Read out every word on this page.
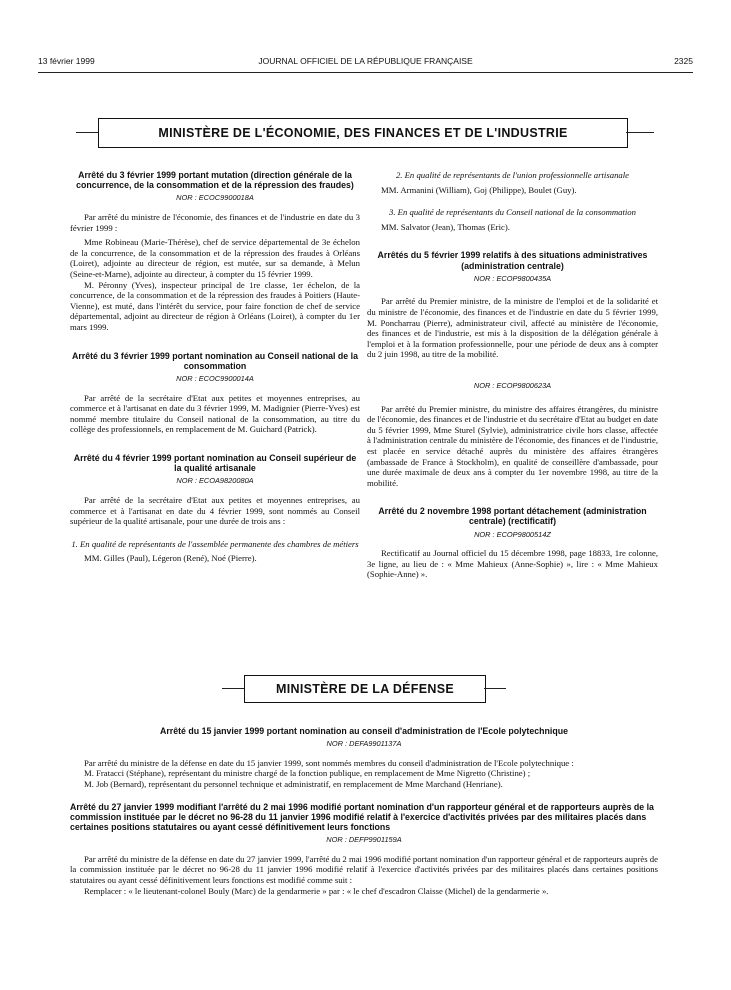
13 février 1999	JOURNAL OFFICIEL DE LA RÉPUBLIQUE FRANÇAISE	2325
MINISTÈRE DE L'ÉCONOMIE, DES FINANCES ET DE L'INDUSTRIE
Arrêté du 3 février 1999 portant mutation (direction générale de la concurrence, de la consommation et de la répression des fraudes)
NOR : ECOC9900018A

Par arrêté du ministre de l'économie, des finances et de l'industrie en date du 3 février 1999 :

Mme Robineau (Marie-Thérèse), chef de service départemental de 3e échelon de la concurrence, de la consommation et de la répression des fraudes à Orléans (Loiret), adjointe au directeur de région, est mutée, sur sa demande, à Melun (Seine-et-Marne), adjointe au directeur, à compter du 15 février 1999.

M. Péronny (Yves), inspecteur principal de 1re classe, 1er échelon, de la concurrence, de la consommation et de la répression des fraudes à Poitiers (Haute-Vienne), est muté, dans l'intérêt du service, pour faire fonction de chef de service départemental, adjoint au directeur de région à Orléans (Loiret), à compter du 1er mars 1999.

Arrêté du 3 février 1999 portant nomination au Conseil national de la consommation
NOR : ECOC9900014A

Par arrêté de la secrétaire d'Etat aux petites et moyennes entreprises, au commerce et à l'artisanat en date du 3 février 1999, M. Madignier (Pierre-Yves) est nommé membre titulaire du Conseil national de la consommation, au titre du collège des professionnels, en remplacement de M. Guichard (Patrick).

Arrêté du 4 février 1999 portant nomination au Conseil supérieur de la qualité artisanale
NOR : ECOA9820080A

Par arrêté de la secrétaire d'Etat aux petites et moyennes entreprises, au commerce et à l'artisanat en date du 4 février 1999, sont nommés au Conseil supérieur de la qualité artisanale, pour une durée de trois ans :

1. En qualité de représentants de l'assemblée permanente des chambres de métiers

MM. Gilles (Paul), Légeron (René), Noé (Pierre).

2. En qualité de représentants de l'union professionnelle artisanale

MM. Armanini (William), Goj (Philippe), Boulet (Guy).

3. En qualité de représentants du Conseil national de la consommation

MM. Salvator (Jean), Thomas (Eric).

Arrêtés du 5 février 1999 relatifs à des situations administratives (administration centrale)
NOR : ECOP9800435A

Par arrêté du Premier ministre, de la ministre de l'emploi et de la solidarité et du ministre de l'économie, des finances et de l'industrie en date du 5 février 1999, M. Poncharrau (Pierre), administrateur civil, affecté au ministère de l'économie, des finances et de l'industrie, est mis à la disposition de la délégation générale à l'emploi et à la formation professionnelle, pour une période de deux ans à compter du 2 juin 1998, au titre de la mobilité.

NOR : ECOP9800623A

Par arrêté du Premier ministre, du ministre des affaires étrangères, du ministre de l'économie, des finances et de l'industrie et du secrétaire d'Etat au budget en date du 5 février 1999, Mme Sturel (Sylvie), administratrice civile hors classe, affectée à l'administration centrale du ministère de l'économie, des finances et de l'industrie, est placée en service détaché auprès du ministère des affaires étrangères (ambassade de France à Stockholm), en qualité de conseillère d'ambassade, pour une durée maximale de deux ans à compter du 1er novembre 1998, au titre de la mobilité.

Arrêté du 2 novembre 1998 portant détachement (administration centrale) (rectificatif)
NOR : ECOP9800514Z

Rectificatif au Journal officiel du 15 décembre 1998, page 18833, 1re colonne, 3e ligne, au lieu de : « Mme Mahieux (Anne-Sophie) », lire : « Mme Mahieux (Sophie-Anne) ».

MINISTÈRE DE LA DÉFENSE
Arrêté du 15 janvier 1999 portant nomination au conseil d'administration de l'Ecole polytechnique
NOR : DEFA9901137A

Par arrêté du ministre de la défense en date du 15 janvier 1999, sont nommés membres du conseil d'administration de l'Ecole polytechnique :

M. Fratacci (Stéphane), représentant du ministre chargé de la fonction publique, en remplacement de Mme Nigretto (Christine) ;

M. Job (Bernard), représentant du personnel technique et administratif, en remplacement de Mme Marchand (Henriane).

Arrêté du 27 janvier 1999 modifiant l'arrêté du 2 mai 1996 modifié portant nomination d'un rapporteur général et de rapporteurs auprès de la commission instituée par le décret no 96-28 du 11 janvier 1996 modifié relatif à l'exercice d'activités privées par des militaires placés dans certaines positions statutaires ou ayant cessé définitivement leurs fonctions
NOR : DEFP9901159A

Par arrêté du ministre de la défense en date du 27 janvier 1999, l'arrêté du 2 mai 1996 modifié portant nomination d'un rapporteur général et de rapporteurs auprès de la commission instituée par le décret no 96-28 du 11 janvier 1996 modifié relatif à l'exercice d'activités privées par des militaires placés dans certaines positions statutaires ou ayant cessé définitivement leurs fonctions est modifié comme suit :

Remplacer : « le lieutenant-colonel Bouly (Marc) de la gendarmerie » par : « le chef d'escadron Claisse (Michel) de la gendarmerie ».
